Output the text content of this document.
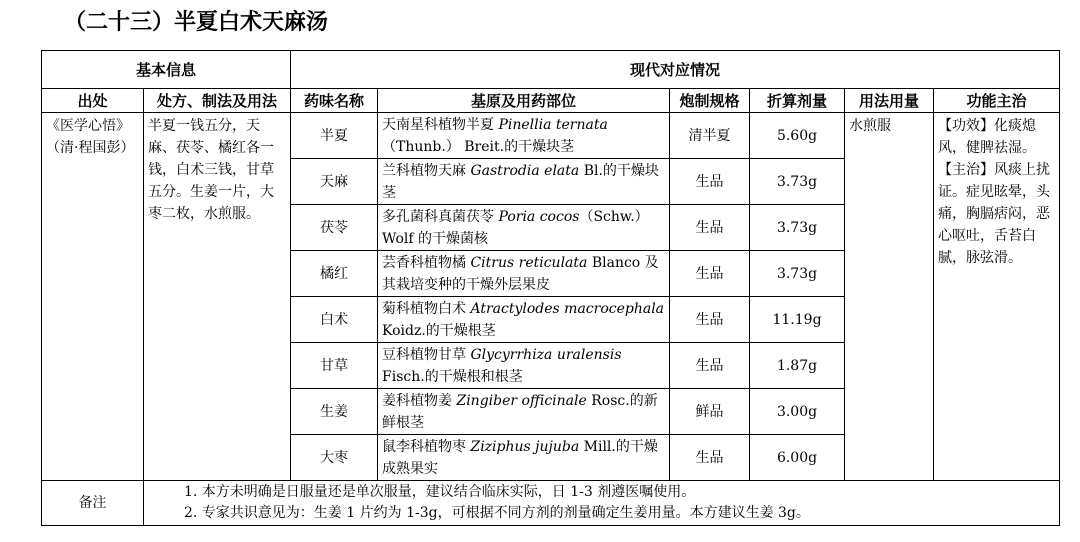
（二十三）半夏白术天麻汤
基本信息		现代对应情况					
出处	处方、制法及用法	药味名称	基原及用药部位	炮制规格	折算剂量	用法用量	功能主治
《医学心悟》（清·程国彭）	半夏一钱五分，天麻、茯苓、橘红各一钱，白术三钱，甘草五分。生姜一片，大枣二枚，水煎服。	半夏	天南星科植物半夏 Pinellia ternata（Thunb.） Breit.的干燥块茎	清半夏	5.60g	水煎服	【功效】化痰熄风，健脾祛湿。【主治】风痰上扰证。症见眩晕，头痛，胸膈痞闷，恶心呕吐，舌苔白腻，脉弦滑。
		天麻	兰科植物天麻 Gastrodia elata Bl.的干燥块茎	生品	3.73g		
		茯苓	多孔菌科真菌茯苓 Poria cocos（Schw.） Wolf 的干燥菌核	生品	3.73g		
		橘红	芸香科植物橘 Citrus reticulata Blanco 及其栽培变种的干燥外层果皮	生品	3.73g		
		白术	菊科植物白术 Atractylodes macrocephala Koidz.的干燥根茎	生品	11.19g		
		甘草	豆科植物甘草 Glycyrrhiza uralensis Fisch.的干燥根和根茎	生品	1.87g		
		生姜	姜科植物姜 Zingiber officinale Rosc.的新鲜根茎	鲜品	3.00g		
		大枣	鼠李科植物枣 Ziziphus jujuba Mill.的干燥成熟果实	生品	6.00g		
备注	1. 本方未明确是日服量还是单次服量，建议结合临床实际，日 1-3 剂遵医嘱使用。
2. 专家共识意见为：生姜 1 片约为 1-3g，可根据不同方剂的剂量确定生姜用量。本方建议生姜 3g。						
